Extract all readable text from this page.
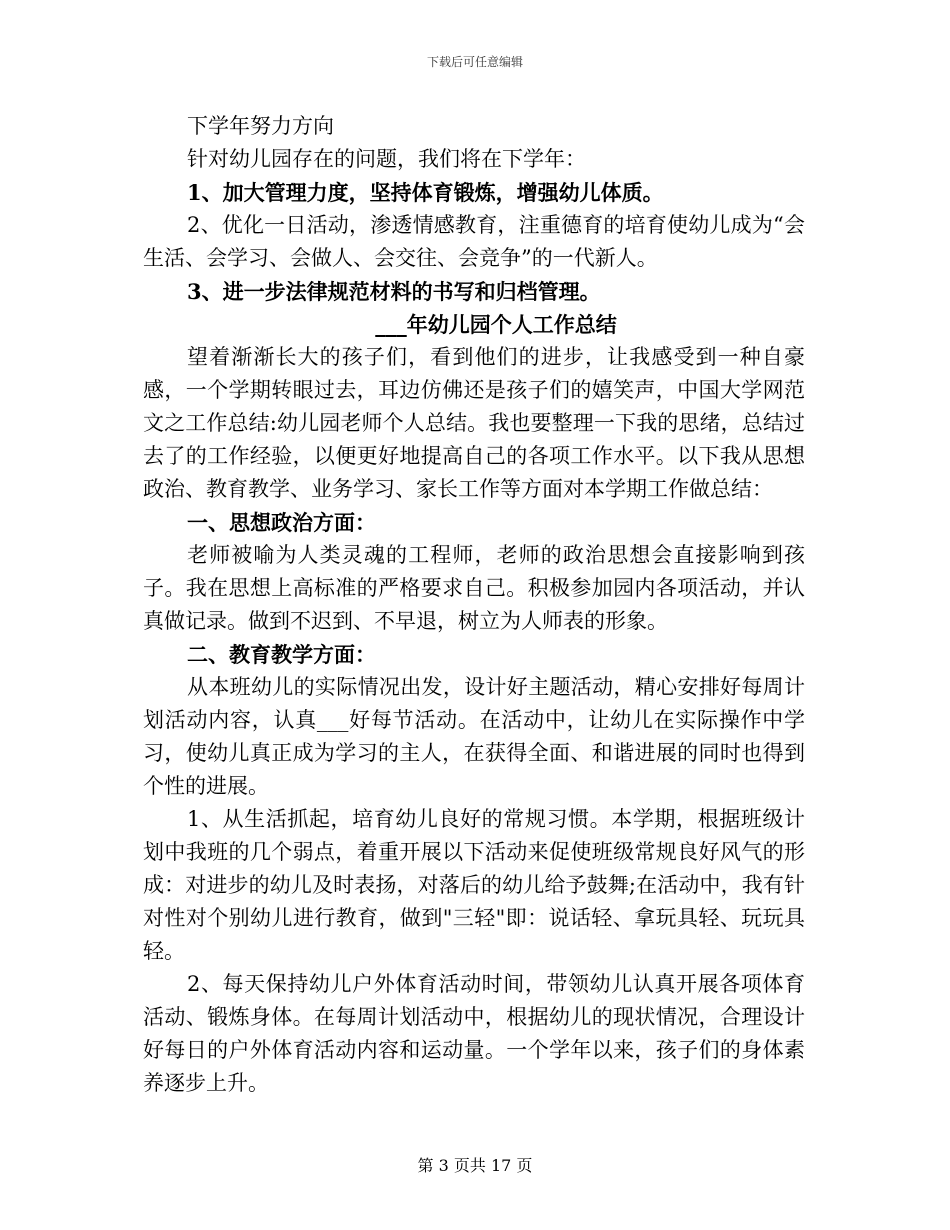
下载后可任意编辑

下学年努力方向

针对幼儿园存在的问题，我们将在下学年：

1、加大管理力度，坚持体育锻炼，增强幼儿体质。

2、优化一日活动，渗透情感教育，注重德育的培育使幼儿成为“会生活、会学习、会做人、会交往、会竞争”的一代新人。

3、进一步法律规范材料的书写和归档管理。

___年幼儿园个人工作总结

望着渐渐长大的孩子们，看到他们的进步，让我感受到一种自豪感，一个学期转眼过去，耳边仿佛还是孩子们的嬉笑声，中国大学网范文之工作总结:幼儿园老师个人总结。我也要整理一下我的思绪，总结过去了的工作经验，以便更好地提高自己的各项工作水平。以下我从思想政治、教育教学、业务学习、家长工作等方面对本学期工作做总结：

一、思想政治方面：

老师被喻为人类灵魂的工程师，老师的政治思想会直接影响到孩子。我在思想上高标准的严格要求自己。积极参加园内各项活动，并认真做记录。做到不迟到、不早退，树立为人师表的形象。

二、教育教学方面：

从本班幼儿的实际情况出发，设计好主题活动，精心安排好每周计划活动内容，认真___好每节活动。在活动中，让幼儿在实际操作中学习，使幼儿真正成为学习的主人，在获得全面、和谐进展的同时也得到个性的进展。

1、从生活抓起，培育幼儿良好的常规习惯。本学期，根据班级计划中我班的几个弱点，着重开展以下活动来促使班级常规良好风气的形成：对进步的幼儿及时表扬，对落后的幼儿给予鼓舞;在活动中，我有针对性对个别幼儿进行教育，做到"三轻"即：说话轻、拿玩具轻、玩玩具轻。

2、每天保持幼儿户外体育活动时间，带领幼儿认真开展各项体育活动、锻炼身体。在每周计划活动中，根据幼儿的现状情况，合理设计好每日的户外体育活动内容和运动量。一个学年以来，孩子们的身体素养逐步上升。

第 3 页共 17 页
